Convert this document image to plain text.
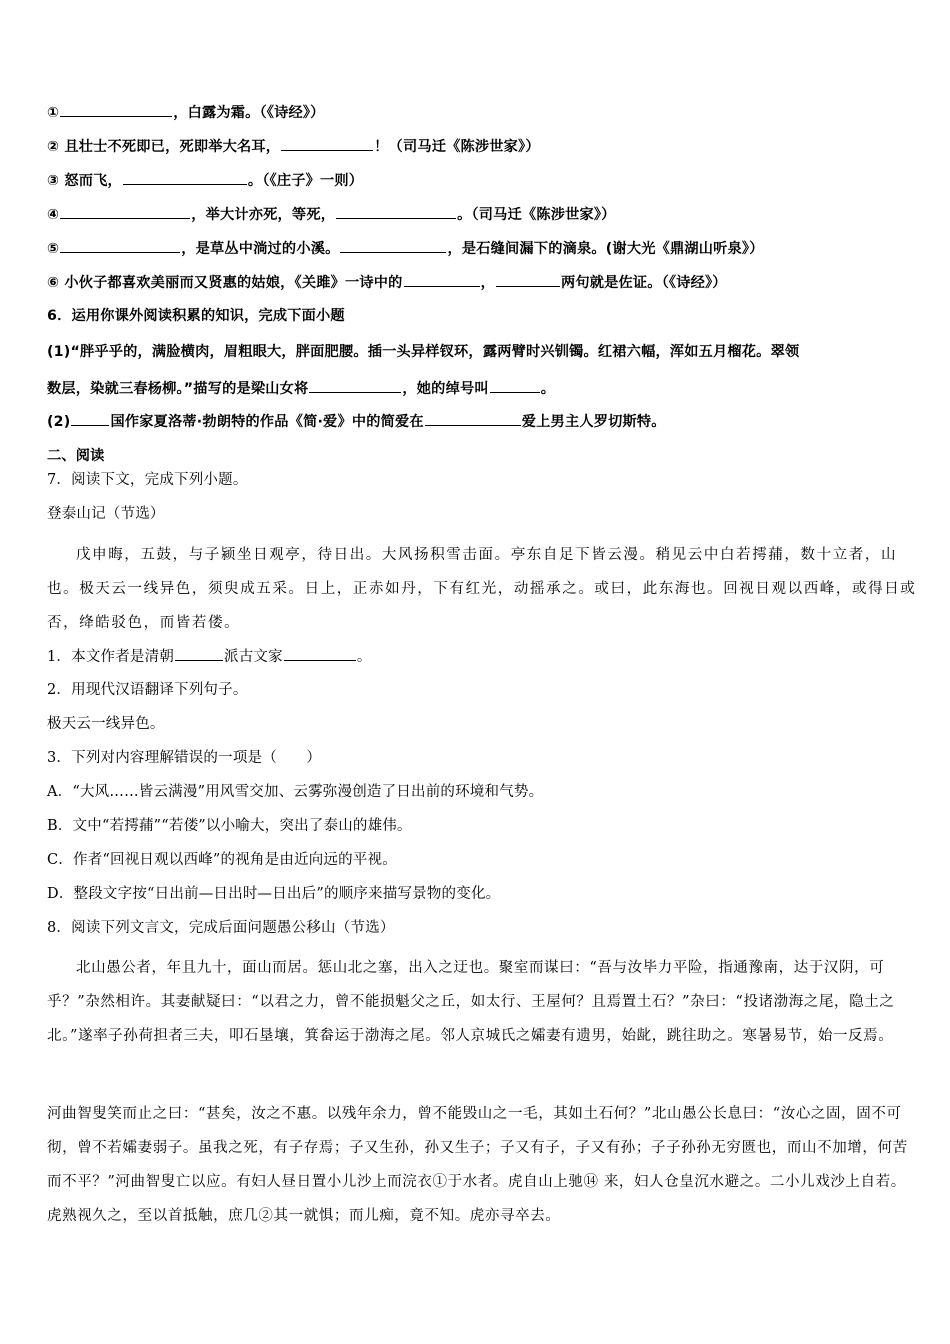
①	，白露为霜。（《诗经》）
② 且壮士不死即已，死即举大名耳，	！（司马迁《陈涉世家》）
③ 怒而飞，	。（《庄子》一则）
④	，举大计亦死，等死，	。（司马迁《陈涉世家》）
⑤	，是草丛中淌过的小溪。	，是石缝间漏下的滴泉。(谢大光《鼎湖山听泉》）
⑥ 小伙子都喜欢美丽而又贤惠的姑娘，《关雎》一诗中的	，	两句就是佐证。（《诗经》）
6．运用你课外阅读积累的知识，完成下面小题
(1)“胖乎乎的，满脸横肉，眉粗眼大，胖面肥腰。插一头异样钗环，露两臂时兴钏镯。红裙六幅，浑如五月榴花。翠领
数层，染就三春杨柳。”描写的是梁山女将	，她的绰号叫	。
(2)	国作家夏洛蒂·勃朗特的作品《简·爱》中的简爱在	爱上男主人罗切斯特。
二、阅读
7．阅读下文，完成下列小题。
登泰山记（节选）
戊申晦，五鼓，与子颍坐日观亭，待日出。大风扬积雪击面。亭东自足下皆云漫。稍见云中白若摴蒱，数十立者，山也。极天云一线异色，须臾成五采。日上，正赤如丹，下有红光，动摇承之。或曰，此东海也。回视日观以西峰，或得日或否，绛皓驳色，而皆若偻。
1．本文作者是清朝	派古文家	。
2．用现代汉语翻译下列句子。
极天云一线异色。
3．下列对内容理解错误的一项是（　　）
A．“大风……皆云满漫”用风雪交加、云雾弥漫创造了日出前的环境和气势。
B．文中“若摴蒱”“若偻”以小喻大，突出了泰山的雄伟。
C．作者“回视日观以西峰”的视角是由近向远的平视。
D．整段文字按“日出前—日出时—日出后”的顺序来描写景物的变化。
8．阅读下列文言文，完成后面问题愚公移山（节选）
北山愚公者，年且九十，面山而居。惩山北之塞，出入之迂也。聚室而谋曰：“吾与汝毕力平险，指通豫南，达于汉阴，可乎？”杂然相许。其妻献疑曰：“以君之力，曾不能损魁父之丘，如太行、王屋何？且焉置土石？”杂曰：“投诸渤海之尾，隐土之北。”遂率子孙荷担者三夫，叩石垦壤，箕畚运于渤海之尾。邻人京城氏之孀妻有遗男，始龀，跳往助之。寒暑易节，始一反焉。
河曲智叟笑而止之曰：“甚矣，汝之不惠。以残年余力，曾不能毁山之一毛，其如土石何？”北山愚公长息曰：“汝心之固，固不可彻，曾不若孀妻弱子。虽我之死，有子存焉；子又生孙，孙又生子；子又有子，子又有孙；子子孙孙无穷匮也，而山不加增，何苦而不平？”河曲智叟亡以应。有妇人昼日置小儿沙上而浣衣①于水者。虎自山上驰⑭ 来，妇人仓皇沉水避之。二小儿戏沙上自若。虎熟视久之，至以首抵触，庶几②其一就惧；而儿痴，竟不知。虎亦寻卒去。
